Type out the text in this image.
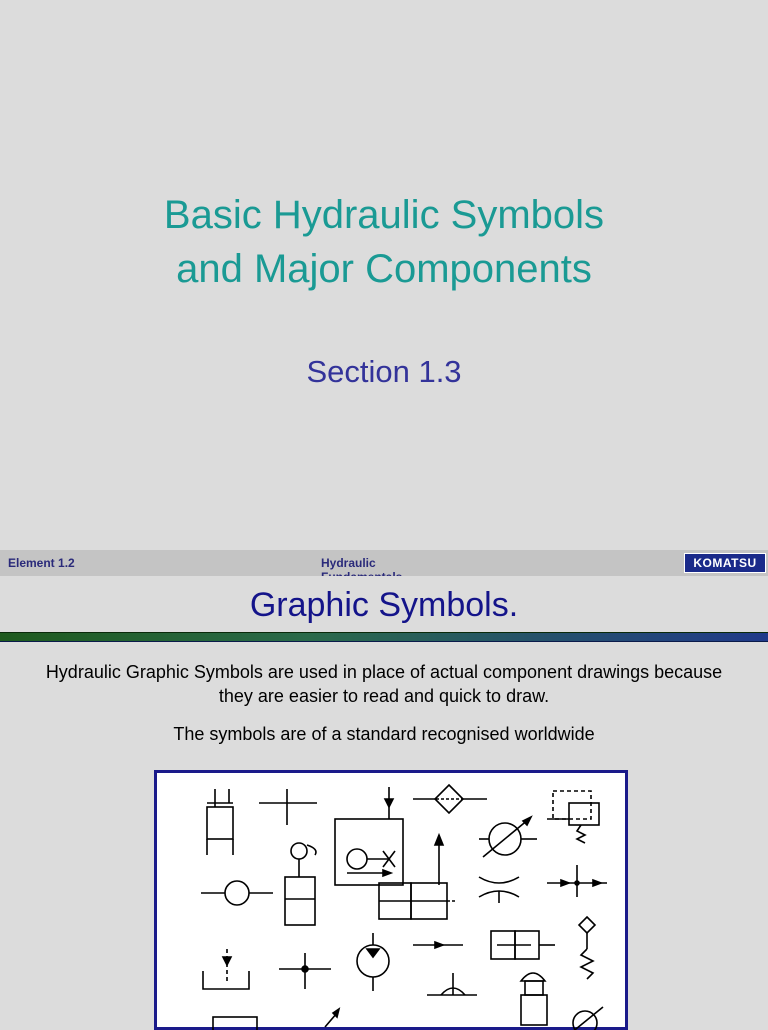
Basic Hydraulic Symbols
and Major Components
Section 1.3
Element 1.2	Hydraulic	KOMATSU
Graphic Symbols.
Hydraulic Graphic Symbols are used in place of actual component drawings because they are easier to read and quick to draw.
The symbols are of a standard recognised worldwide
